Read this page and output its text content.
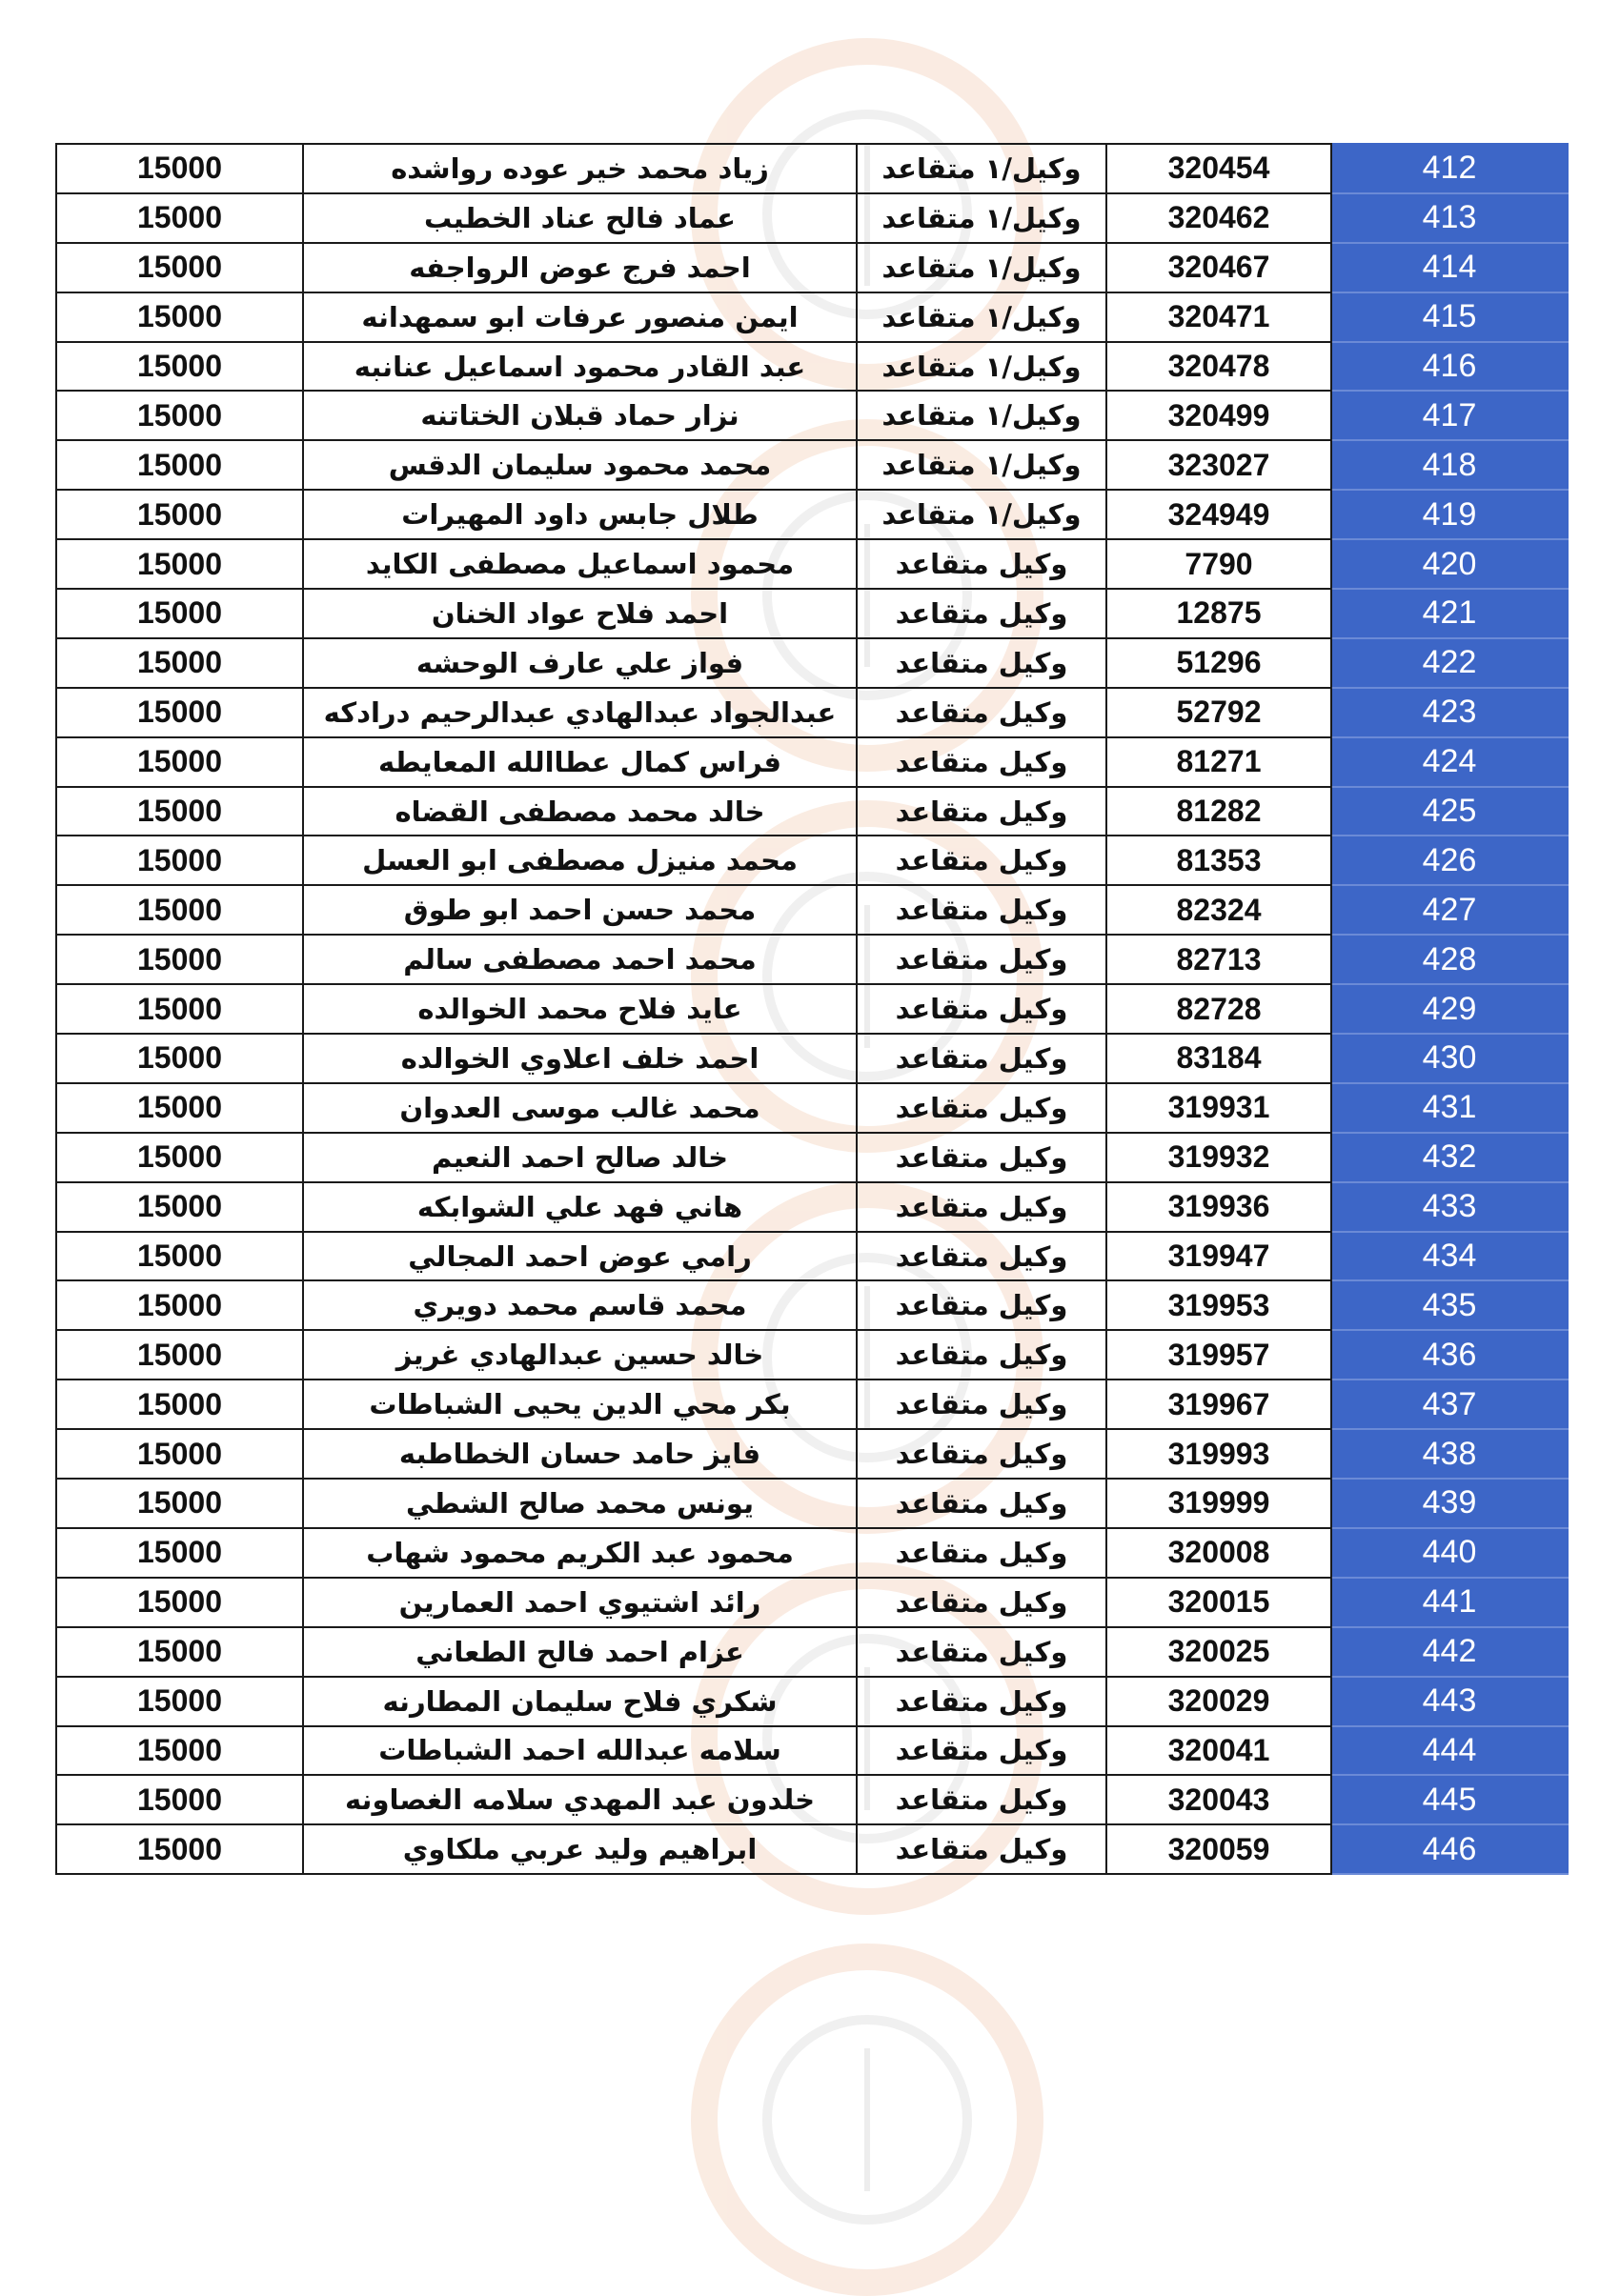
15000	زياد محمد خير عوده رواشده	وكيل/١ متقاعد	320454	412
15000	عماد فالح عناد الخطيب	وكيل/١ متقاعد	320462	413
15000	احمد فرج عوض الرواجفه	وكيل/١ متقاعد	320467	414
15000	ايمن منصور عرفات ابو سمهدانه	وكيل/١ متقاعد	320471	415
15000	عبد القادر محمود اسماعيل عنانبه	وكيل/١ متقاعد	320478	416
15000	نزار حماد قبلان الختاتنه	وكيل/١ متقاعد	320499	417
15000	محمد محمود سليمان الدقس	وكيل/١ متقاعد	323027	418
15000	طلال جابس داود المهيرات	وكيل/١ متقاعد	324949	419
15000	محمود اسماعيل مصطفى الكايد	وكيل متقاعد	7790	420
15000	احمد فلاح عواد الخنان	وكيل متقاعد	12875	421
15000	فواز علي عارف الوحشه	وكيل متقاعد	51296	422
15000	عبدالجواد عبدالهادي عبدالرحيم درادكه	وكيل متقاعد	52792	423
15000	فراس كمال عطاالله المعايطه	وكيل متقاعد	81271	424
15000	خالد محمد مصطفى القضاه	وكيل متقاعد	81282	425
15000	محمد منيزل مصطفى ابو العسل	وكيل متقاعد	81353	426
15000	محمد حسن احمد ابو طوق	وكيل متقاعد	82324	427
15000	محمد احمد مصطفى سالم	وكيل متقاعد	82713	428
15000	عايد فلاح محمد الخوالده	وكيل متقاعد	82728	429
15000	احمد خلف اعلاوي الخوالده	وكيل متقاعد	83184	430
15000	محمد غالب موسى العدوان	وكيل متقاعد	319931	431
15000	خالد صالح احمد النعيم	وكيل متقاعد	319932	432
15000	هاني فهد علي الشوابكه	وكيل متقاعد	319936	433
15000	رامي عوض احمد المجالي	وكيل متقاعد	319947	434
15000	محمد قاسم محمد دويري	وكيل متقاعد	319953	435
15000	خالد حسين عبدالهادي غريز	وكيل متقاعد	319957	436
15000	بكر محي الدين يحيى الشباطات	وكيل متقاعد	319967	437
15000	فايز حامد حسان الخطاطبه	وكيل متقاعد	319993	438
15000	يونس محمد صالح الشطي	وكيل متقاعد	319999	439
15000	محمود عبد الكريم محمود شهاب	وكيل متقاعد	320008	440
15000	رائد اشتيوي احمد العمارين	وكيل متقاعد	320015	441
15000	عزام احمد فالح الطعاني	وكيل متقاعد	320025	442
15000	شكري فلاح سليمان المطارنه	وكيل متقاعد	320029	443
15000	سلامه عبدالله احمد الشباطات	وكيل متقاعد	320041	444
15000	خلدون عبد المهدي سلامه الغصاونه	وكيل متقاعد	320043	445
15000	ابراهيم وليد عربي ملكاوي	وكيل متقاعد	320059	446
